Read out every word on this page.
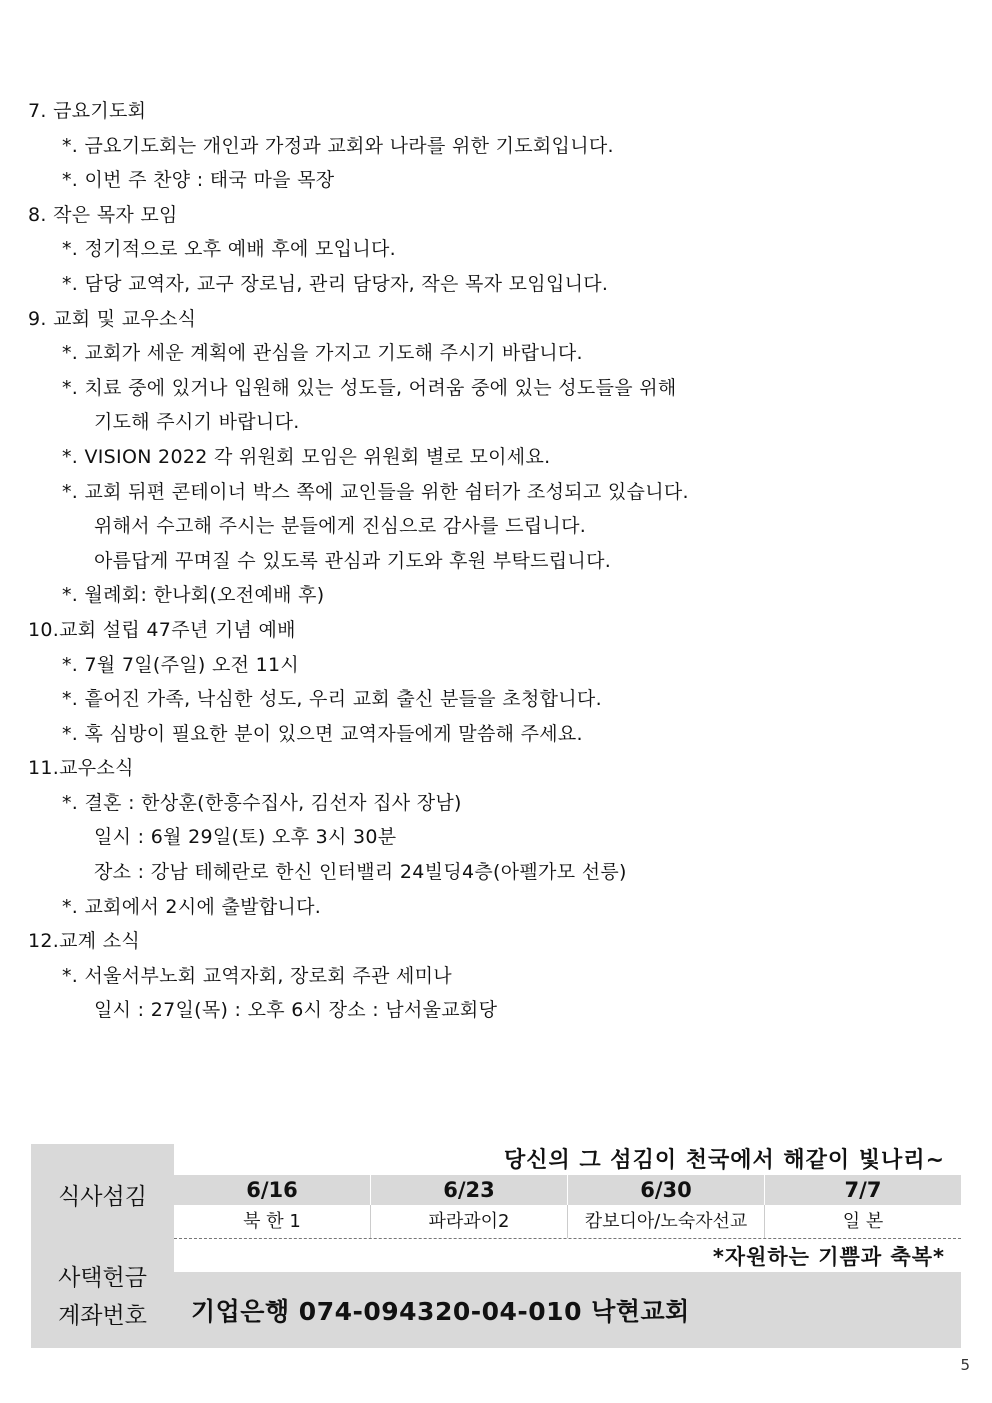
7. 금요기도회
*. 금요기도회는 개인과 가정과 교회와 나라를 위한 기도회입니다.
*. 이번 주 찬양 : 태국 마을 목장
8. 작은 목자 모임
*. 정기적으로 오후 예배 후에 모입니다.
*. 담당 교역자, 교구 장로님, 관리 담당자, 작은 목자 모임입니다.
9. 교회 및 교우소식
*. 교회가 세운 계획에 관심을 가지고 기도해 주시기 바랍니다.
*. 치료 중에 있거나 입원해 있는 성도들, 어려움 중에 있는 성도들을 위해
기도해 주시기 바랍니다.
*. VISION 2022 각 위원회 모임은 위원회 별로 모이세요.
*. 교회 뒤편 콘테이너 박스 쪽에 교인들을 위한 쉼터가 조성되고 있습니다.
위해서 수고해 주시는 분들에게 진심으로 감사를 드립니다.
아름답게 꾸며질 수 있도록 관심과 기도와 후원 부탁드립니다.
*. 월례회: 한나회(오전예배 후)
10.교회 설립 47주년 기념 예배
*. 7월 7일(주일) 오전 11시
*. 흩어진 가족, 낙심한 성도, 우리 교회 출신 분들을 초청합니다.
*. 혹 심방이 필요한 분이 있으면 교역자들에게 말씀해 주세요.
11.교우소식
*. 결혼 : 한상훈(한흥수집사, 김선자 집사 장남)
일시 : 6월 29일(토) 오후 3시 30분
장소 : 강남 테헤란로 한신 인터밸리 24빌딩4층(아펠가모 선릉)
*. 교회에서 2시에 출발합니다.
12.교계 소식
*. 서울서부노회 교역자회, 장로회 주관 세미나
일시 : 27일(목) : 오후 6시 장소 : 남서울교회당
식사섬김
사택헌금
계좌번호
당신의 그 섬김이 천국에서 해같이 빛나리~
6/16	6/23	6/30	7/7
북 한 1	파라과이2	캄보디아/노숙자선교	일 본
*자원하는 기쁨과 축복*
기업은행 074-094320-04-010 낙현교회
5
